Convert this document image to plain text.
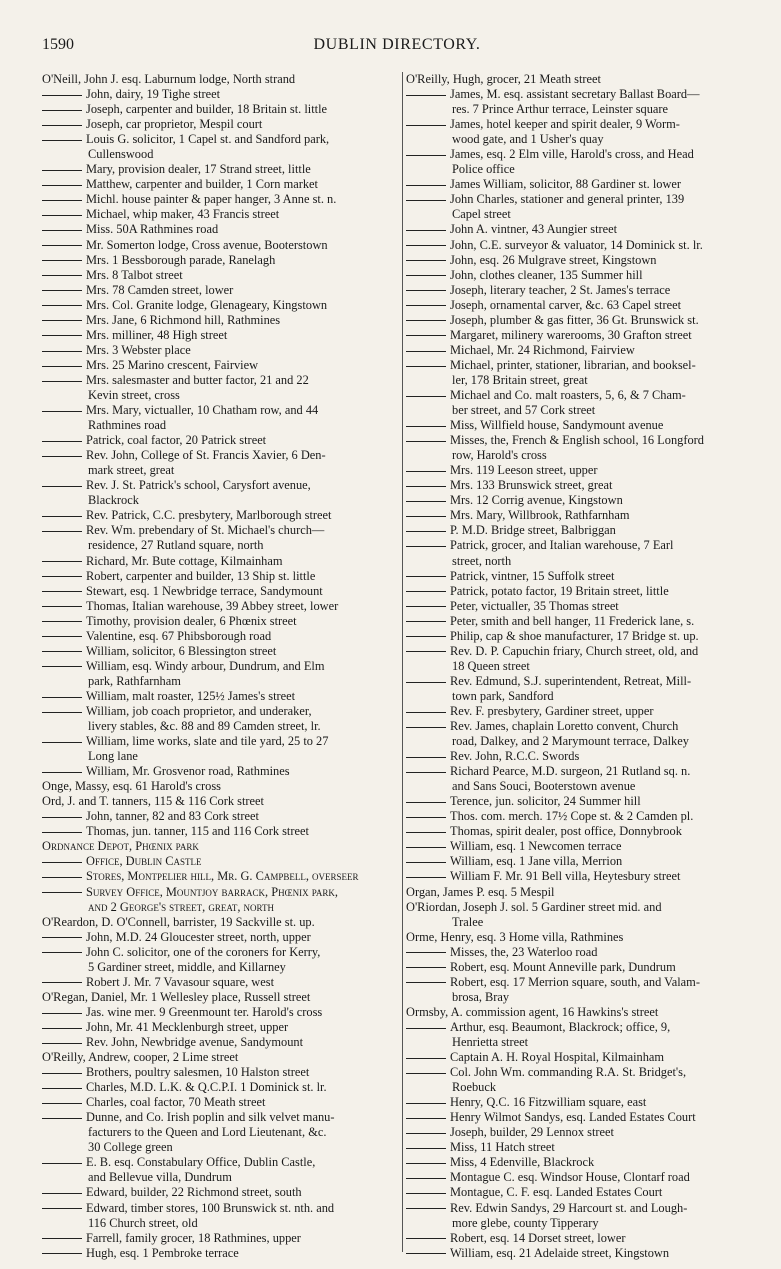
1590	DUBLIN DIRECTORY.
O'Neill, John J. esq. Laburnum lodge, North strand
John, dairy, 19 Tighe street
Joseph, carpenter and builder, 18 Britain st. little
Joseph, car proprietor, Mespil court
Louis G. solicitor, 1 Capel st. and Sandford park,
Cullenswood
Mary, provision dealer, 17 Strand street, little
Matthew, carpenter and builder, 1 Corn market
Michl. house painter & paper hanger, 3 Anne st. n.
Michael, whip maker, 43 Francis street
Miss. 50A Rathmines road
Mr. Somerton lodge, Cross avenue, Booterstown
Mrs. 1 Bessborough parade, Ranelagh
Mrs. 8 Talbot street
Mrs. 78 Camden street, lower
Mrs. Col. Granite lodge, Glenageary, Kingstown
Mrs. Jane, 6 Richmond hill, Rathmines
Mrs. milliner, 48 High street
Mrs. 3 Webster place
Mrs. 25 Marino crescent, Fairview
Mrs. salesmaster and butter factor, 21 and 22
Kevin street, cross
Mrs. Mary, victualler, 10 Chatham row, and 44
Rathmines road
Patrick, coal factor, 20 Patrick street
Rev. John, College of St. Francis Xavier, 6 Den-
mark street, great
Rev. J. St. Patrick's school, Carysfort avenue,
Blackrock
Rev. Patrick, C.C. presbytery, Marlborough street
Rev. Wm. prebendary of St. Michael's church—
residence, 27 Rutland square, north
Richard, Mr. Bute cottage, Kilmainham
Robert, carpenter and builder, 13 Ship st. little
Stewart, esq. 1 Newbridge terrace, Sandymount
Thomas, Italian warehouse, 39 Abbey street, lower
Timothy, provision dealer, 6 Phœnix street
Valentine, esq. 67 Phibsborough road
William, solicitor, 6 Blessington street
William, esq. Windy arbour, Dundrum, and Elm
park, Rathfarnham
William, malt roaster, 125½ James's street
William, job coach proprietor, and underaker,
livery stables, &c. 88 and 89 Camden street, lr.
William, lime works, slate and tile yard, 25 to 27
Long lane
William, Mr. Grosvenor road, Rathmines
Onge, Massy, esq. 61 Harold's cross
Ord, J. and T. tanners, 115 & 116 Cork street
John, tanner, 82 and 83 Cork street
Thomas, jun. tanner, 115 and 116 Cork street
Ordnance Depot, Phœnix park
Office, Dublin Castle
Stores, Montpelier hill, Mr. G. Campbell, overseer
Survey Office, Mountjoy barrack, Phœnix park,
and 2 George's street, great, north
O'Reardon, D. O'Connell, barrister, 19 Sackville st. up.
John, M.D. 24 Gloucester street, north, upper
John C. solicitor, one of the coroners for Kerry,
5 Gardiner street, middle, and Killarney
Robert J. Mr. 7 Vavasour square, west
O'Regan, Daniel, Mr. 1 Wellesley place, Russell street
Jas. wine mer. 9 Greenmount ter. Harold's cross
John, Mr. 41 Mecklenburgh street, upper
Rev. John, Newbridge avenue, Sandymount
O'Reilly, Andrew, cooper, 2 Lime street
Brothers, poultry salesmen, 10 Halston street
Charles, M.D. L.K. & Q.C.P.I. 1 Dominick st. lr.
Charles, coal factor, 70 Meath street
Dunne, and Co. Irish poplin and silk velvet manu-
facturers to the Queen and Lord Lieutenant, &c.
30 College green
E. B. esq. Constabulary Office, Dublin Castle,
and Bellevue villa, Dundrum
Edward, builder, 22 Richmond street, south
Edward, timber stores, 100 Brunswick st. nth. and
116 Church street, old
Farrell, family grocer, 18 Rathmines, upper
Hugh, esq. 1 Pembroke terrace
O'Reilly, Hugh, grocer, 21 Meath street
James, M. esq. assistant secretary Ballast Board—
res. 7 Prince Arthur terrace, Leinster square
James, hotel keeper and spirit dealer, 9 Worm-
wood gate, and 1 Usher's quay
James, esq. 2 Elm ville, Harold's cross, and Head
Police office
James William, solicitor, 88 Gardiner st. lower
John Charles, stationer and general printer, 139
Capel street
John A. vintner, 43 Aungier street
John, C.E. surveyor & valuator, 14 Dominick st. lr.
John, esq. 26 Mulgrave street, Kingstown
John, clothes cleaner, 135 Summer hill
Joseph, literary teacher, 2 St. James's terrace
Joseph, ornamental carver, &c. 63 Capel street
Joseph, plumber & gas fitter, 36 Gt. Brunswick st.
Margaret, milinery warerooms, 30 Grafton street
Michael, Mr. 24 Richmond, Fairview
Michael, printer, stationer, librarian, and booksel-
ler, 178 Britain street, great
Michael and Co. malt roasters, 5, 6, & 7 Cham-
ber street, and 57 Cork street
Miss, Willfield house, Sandymount avenue
Misses, the, French & English school, 16 Longford
row, Harold's cross
Mrs. 119 Leeson street, upper
Mrs. 133 Brunswick street, great
Mrs. 12 Corrig avenue, Kingstown
Mrs. Mary, Willbrook, Rathfarnham
P. M.D. Bridge street, Balbriggan
Patrick, grocer, and Italian warehouse, 7 Earl
street, north
Patrick, vintner, 15 Suffolk street
Patrick, potato factor, 19 Britain street, little
Peter, victualler, 35 Thomas street
Peter, smith and bell hanger, 11 Frederick lane, s.
Philip, cap & shoe manufacturer, 17 Bridge st. up.
Rev. D. P. Capuchin friary, Church street, old, and
18 Queen street
Rev. Edmund, S.J. superintendent, Retreat, Mill-
town park, Sandford
Rev. F. presbytery, Gardiner street, upper
Rev. James, chaplain Loretto convent, Church
road, Dalkey, and 2 Marymount terrace, Dalkey
Rev. John, R.C.C. Swords
Richard Pearce, M.D. surgeon, 21 Rutland sq. n.
and Sans Souci, Booterstown avenue
Terence, jun. solicitor, 24 Summer hill
Thos. com. merch. 17½ Cope st. & 2 Camden pl.
Thomas, spirit dealer, post office, Donnybrook
William, esq. 1 Newcomen terrace
William, esq. 1 Jane villa, Merrion
William F. Mr. 91 Bell villa, Heytesbury street
Organ, James P. esq. 5 Mespil
O'Riordan, Joseph J. sol. 5 Gardiner street mid. and
Tralee
Orme, Henry, esq. 3 Home villa, Rathmines
Misses, the, 23 Waterloo road
Robert, esq. Mount Anneville park, Dundrum
Robert, esq. 17 Merrion square, south, and Valam-
brosa, Bray
Ormsby, A. commission agent, 16 Hawkins's street
Arthur, esq. Beaumont, Blackrock; office, 9,
Henrietta street
Captain A. H. Royal Hospital, Kilmainham
Col. John Wm. commanding R.A. St. Bridget's,
Roebuck
Henry, Q.C. 16 Fitzwilliam square, east
Henry Wilmot Sandys, esq. Landed Estates Court
Joseph, builder, 29 Lennox street
Miss, 11 Hatch street
Miss, 4 Edenville, Blackrock
Montague C. esq. Windsor House, Clontarf road
Montague, C. F. esq. Landed Estates Court
Rev. Edwin Sandys, 29 Harcourt st. and Lough-
more glebe, county Tipperary
Robert, esq. 14 Dorset street, lower
William, esq. 21 Adelaide street, Kingstown
